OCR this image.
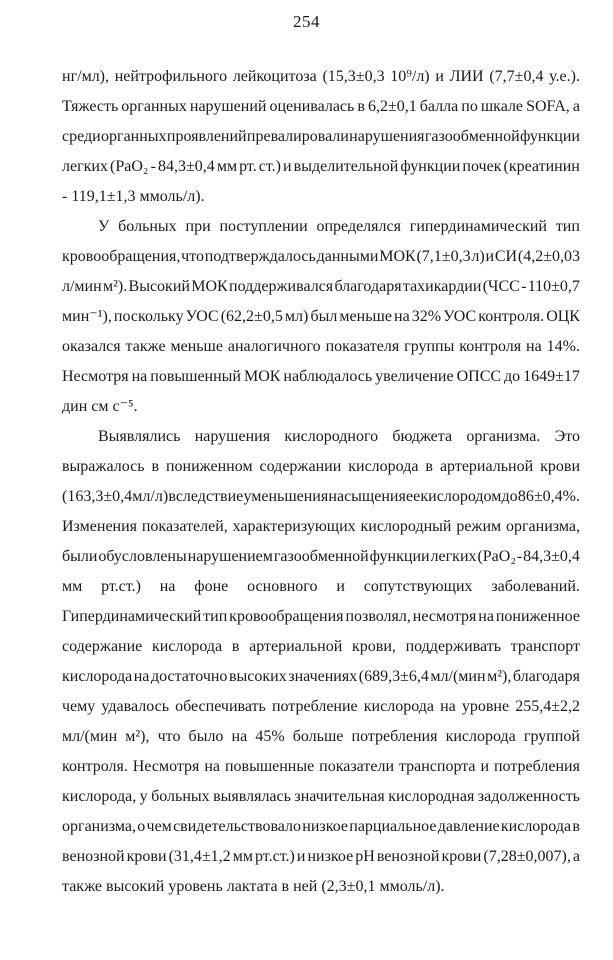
254
нг/мл), нейтрофильного лейкоцитоза (15,3±0,3 10⁹/л) и ЛИИ (7,7±0,4 у.е.).
Тяжесть органных нарушений оценивалась в 6,2±0,1 балла по шкале SOFA, а
среди органных проявлений превалировали нарушения газообменной функции
легких (PaO₂ - 84,3±0,4 мм рт. ст.) и выделительной функции почек (креатинин
- 119,1±1,3 ммоль/л).
У больных при поступлении определялся гипердинамический тип
кровообращения, что подтверждалось данными МОК (7,1±0,3 л) и СИ (4,2±0,03
л/мин м²). Высокий МОК поддерживался благодаря тахикардии (ЧСС - 110±0,7
мин⁻¹), поскольку УОС (62,2±0,5 мл) был меньше на 32% УОС контроля. ОЦК
оказался также меньше аналогичного показателя группы контроля на 14%.
Несмотря на повышенный МОК наблюдалось увеличение ОПСС до 1649±17
дин см с⁻⁵.
Выявлялись нарушения кислородного бюджета организма. Это
выражалось в пониженном содержании кислорода в артериальной крови
(163,3±0,4 мл/л) вследствие уменьшения насыщения ее кислородом до 86±0,4%.
Изменения показателей, характеризующих кислородный режим организма,
были обусловлены нарушением газообменной функции легких (PaO₂ - 84,3±0,4
мм рт.ст.) на фоне основного и сопутствующих заболеваний.
Гипердинамический тип кровообращения позволял, несмотря на пониженное
содержание кислорода в артериальной крови, поддерживать транспорт
кислорода на достаточно высоких значениях (689,3±6,4 мл/(мин м²), благодаря
чему удавалось обеспечивать потребление кислорода на уровне 255,4±2,2
мл/(мин м²), что было на 45% больше потребления кислорода группой
контроля. Несмотря на повышенные показатели транспорта и потребления
кислорода, у больных выявлялась значительная кислородная задолженность
организма, о чем свидетельствовало низкое парциальное давление кислорода в
венозной крови (31,4±1,2 мм рт.ст.) и низкое pH венозной крови (7,28±0,007), а
также высокий уровень лактата в ней (2,3±0,1 ммоль/л).
